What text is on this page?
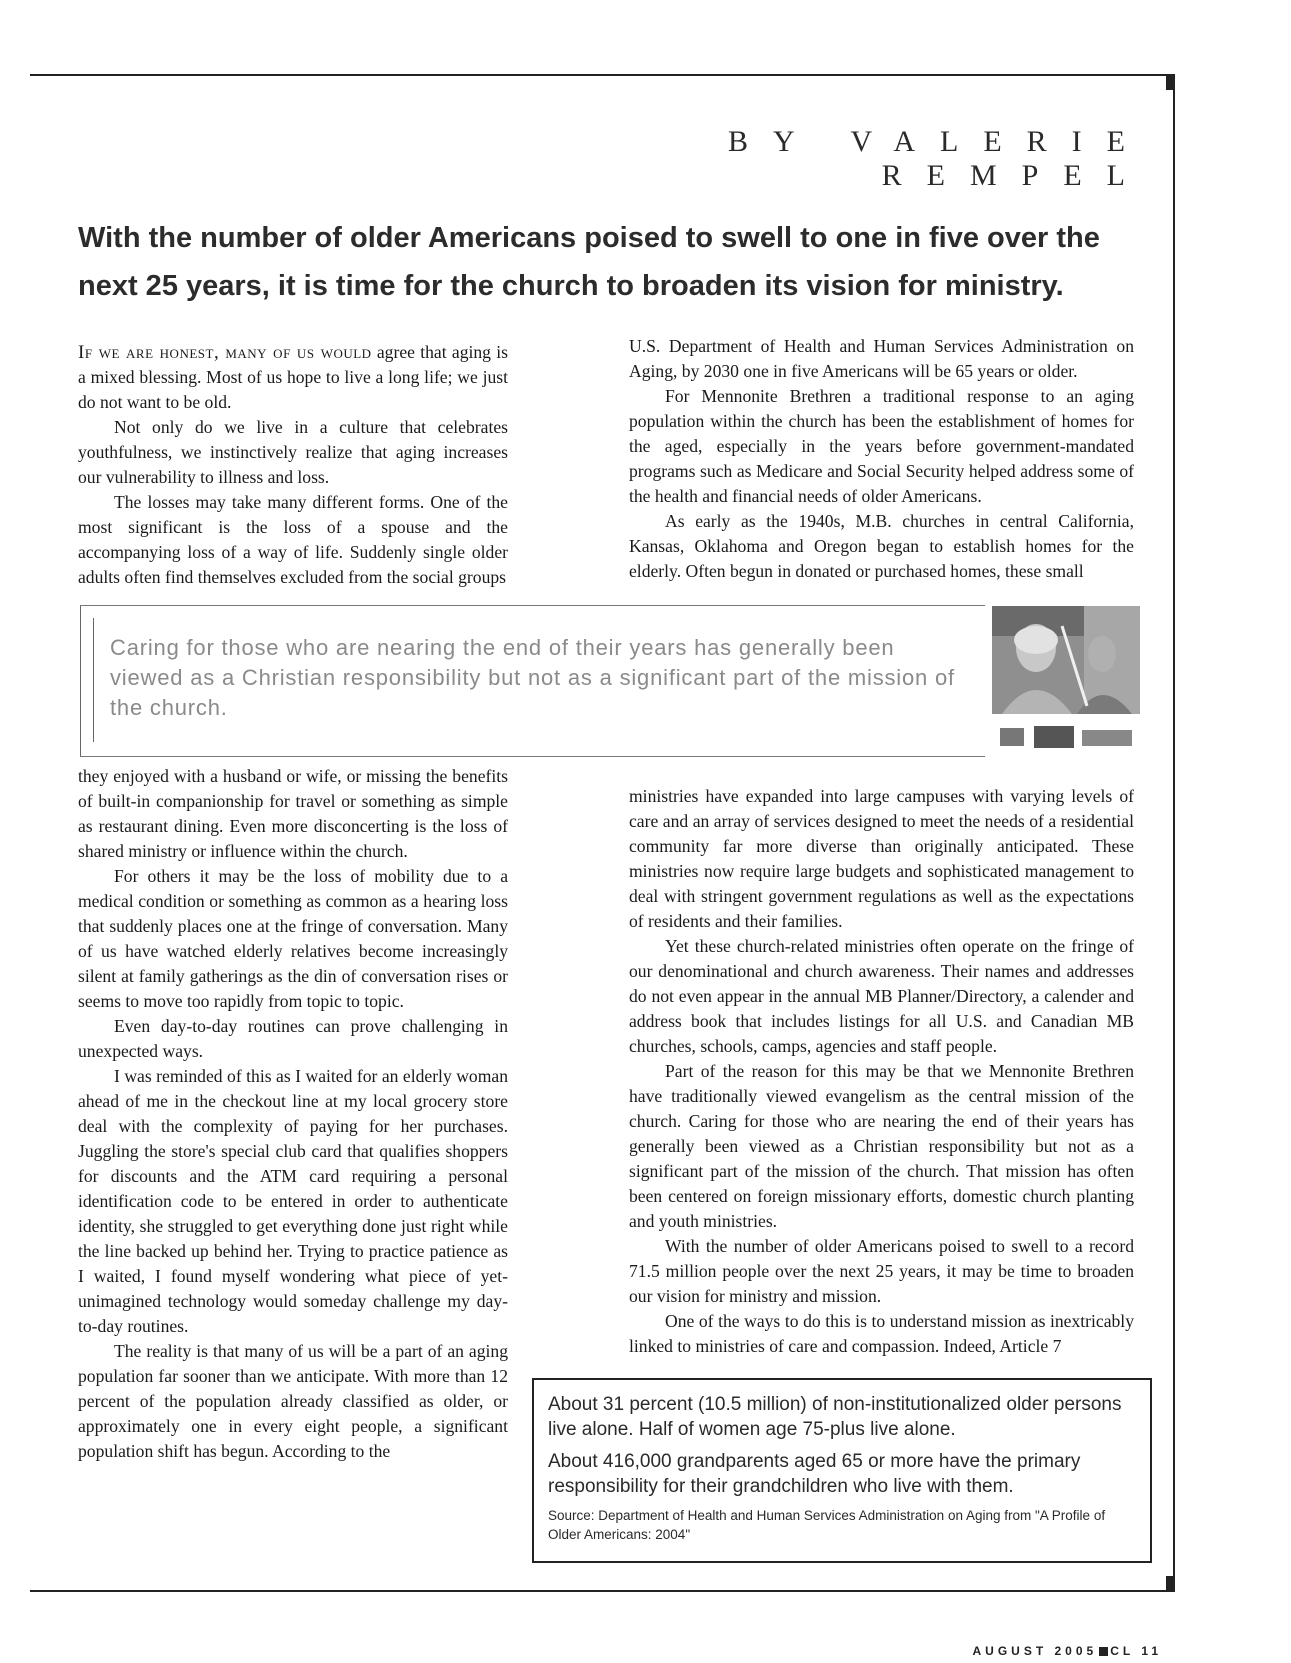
BY VALERIE REMPEL
With the number of older Americans poised to swell to one in five over the next 25 years, it is time for the church to broaden its vision for ministry.

If we are honest, many of us would agree that aging is a mixed blessing. Most of us hope to live a long life; we just do not want to be old.

Not only do we live in a culture that celebrates youthfulness, we instinctively realize that aging increases our vulnerability to illness and loss.

The losses may take many different forms. One of the most significant is the loss of a spouse and the accompanying loss of a way of life. Suddenly single older adults often find themselves excluded from the social groups

U.S. Department of Health and Human Services Administration on Aging, by 2030 one in five Americans will be 65 years or older.

For Mennonite Brethren a traditional response to an aging population within the church has been the establishment of homes for the aged, especially in the years before government-mandated programs such as Medicare and Social Security helped address some of the health and financial needs of older Americans.

As early as the 1940s, M.B. churches in central California, Kansas, Oklahoma and Oregon began to establish homes for the elderly. Often begun in donated or purchased homes, these small

Caring for those who are nearing the end of their years has generally been viewed as a Christian responsibility but not as a significant part of the mission of the church.

they enjoyed with a husband or wife, or missing the benefits of built-in companionship for travel or something as simple as restaurant dining. Even more disconcerting is the loss of shared ministry or influence within the church.

For others it may be the loss of mobility due to a medical condition or something as common as a hearing loss that suddenly places one at the fringe of conversation. Many of us have watched elderly relatives become increasingly silent at family gatherings as the din of conversation rises or seems to move too rapidly from topic to topic.

Even day-to-day routines can prove challenging in unexpected ways.

I was reminded of this as I waited for an elderly woman ahead of me in the checkout line at my local grocery store deal with the complexity of paying for her purchases. Juggling the store's special club card that qualifies shoppers for discounts and the ATM card requiring a personal identification code to be entered in order to authenticate identity, she struggled to get everything done just right while the line backed up behind her. Trying to practice patience as I waited, I found myself wondering what piece of yet-unimagined technology would someday challenge my day-to-day routines.

The reality is that many of us will be a part of an aging population far sooner than we anticipate. With more than 12 percent of the population already classified as older, or approximately one in every eight people, a significant population shift has begun. According to the

ministries have expanded into large campuses with varying levels of care and an array of services designed to meet the needs of a residential community far more diverse than originally anticipated. These ministries now require large budgets and sophisticated management to deal with stringent government regulations as well as the expectations of residents and their families.

Yet these church-related ministries often operate on the fringe of our denominational and church awareness. Their names and addresses do not even appear in the annual MB Planner/Directory, a calender and address book that includes listings for all U.S. and Canadian MB churches, schools, camps, agencies and staff people.

Part of the reason for this may be that we Mennonite Brethren have traditionally viewed evangelism as the central mission of the church. Caring for those who are nearing the end of their years has generally been viewed as a Christian responsibility but not as a significant part of the mission of the church. That mission has often been centered on foreign missionary efforts, domestic church planting and youth ministries.

With the number of older Americans poised to swell to a record 71.5 million people over the next 25 years, it may be time to broaden our vision for ministry and mission.

One of the ways to do this is to understand mission as inextricably linked to ministries of care and compassion. Indeed, Article 7

About 31 percent (10.5 million) of non-institutionalized older persons live alone. Half of women age 75-plus live alone.

About 416,000 grandparents aged 65 or more have the primary responsibility for their grandchildren who live with them.

Source: Department of Health and Human Services Administration on Aging from "A Profile of Older Americans: 2004"

AUGUST 2005 CL 11
